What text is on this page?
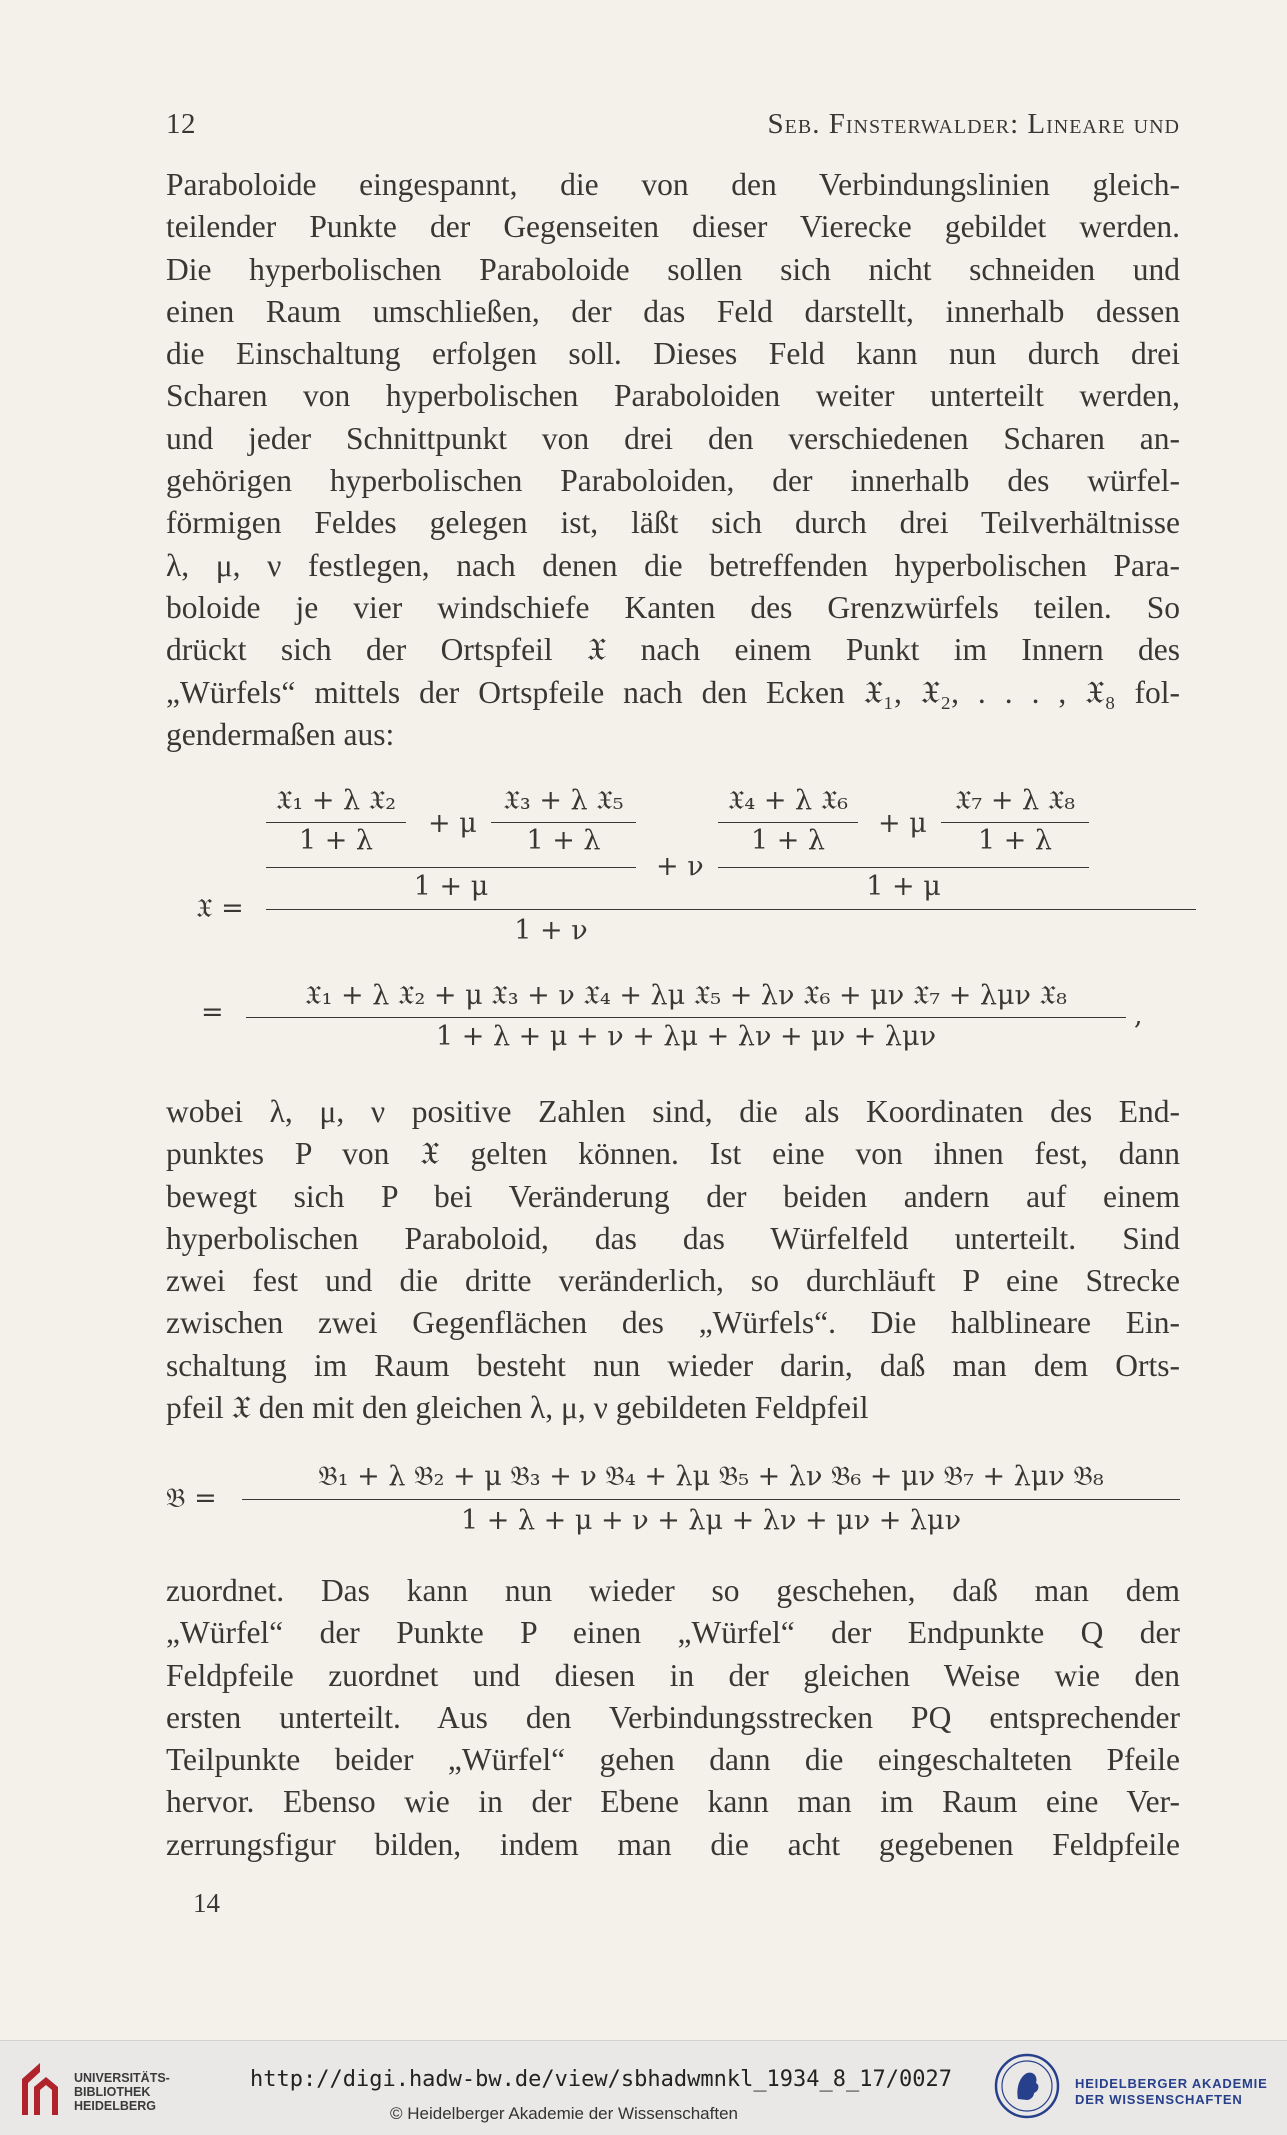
12	Seb. Finsterwalder: Lineare und

Paraboloide eingespannt, die von den Verbindungslinien gleich-

teilender Punkte der Gegenseiten dieser Vierecke gebildet werden.

Die hyperbolischen Paraboloide sollen sich nicht schneiden und

einen Raum umschließen, der das Feld darstellt, innerhalb dessen

die Einschaltung erfolgen soll. Dieses Feld kann nun durch drei

Scharen von hyperbolischen Paraboloiden weiter unterteilt werden,

und jeder Schnittpunkt von drei den verschiedenen Scharen an-

gehörigen hyperbolischen Paraboloiden, der innerhalb des würfel-

förmigen Feldes gelegen ist, läßt sich durch drei Teilverhältnisse

λ, μ, ν festlegen, nach denen die betreffenden hyperbolischen Para-

boloide je vier windschiefe Kanten des Grenzwürfels teilen. So

drückt sich der Ortspfeil 𝔛 nach einem Punkt im Innern des

„Würfels“ mittels der Ortspfeile nach den Ecken 𝔛₁, 𝔛₂, . . . , 𝔛₈ fol-

gendermaßen aus:

𝔛₁ + λ 𝔛₂
1 + λ
+ μ
𝔛₃ + λ 𝔛₅
1 + λ
1 + μ
+ ν
𝔛₄ + λ 𝔛₆
1 + λ
+ μ
𝔛₇ + λ 𝔛₈
1 + λ
1 + μ
𝔛 =
1 + ν
=
𝔛₁ + λ 𝔛₂ + μ 𝔛₃ + ν 𝔛₄ + λμ 𝔛₅ + λν 𝔛₆ + μν 𝔛₇ + λμν 𝔛₈
1 + λ + μ + ν + λμ + λν + μν + λμν
,

wobei λ, μ, ν positive Zahlen sind, die als Koordinaten des End-

punktes P von 𝔛 gelten können. Ist eine von ihnen fest, dann

bewegt sich P bei Veränderung der beiden andern auf einem

hyperbolischen Paraboloid, das das Würfelfeld unterteilt. Sind

zwei fest und die dritte veränderlich, so durchläuft P eine Strecke

zwischen zwei Gegenflächen des „Würfels“. Die halblineare Ein-

schaltung im Raum besteht nun wieder darin, daß man dem Orts-

pfeil 𝔛 den mit den gleichen λ, μ, ν gebildeten Feldpfeil

𝔅 =
𝔅₁ + λ 𝔅₂ + μ 𝔅₃ + ν 𝔅₄ + λμ 𝔅₅ + λν 𝔅₆ + μν 𝔅₇ + λμν 𝔅₈
1 + λ + μ + ν + λμ + λν + μν + λμν

zuordnet. Das kann nun wieder so geschehen, daß man dem

„Würfel“ der Punkte P einen „Würfel“ der Endpunkte Q der

Feldpfeile zuordnet und diesen in der gleichen Weise wie den

ersten unterteilt. Aus den Verbindungsstrecken PQ entsprechender

Teilpunkte beider „Würfel“ gehen dann die eingeschalteten Pfeile

hervor. Ebenso wie in der Ebene kann man im Raum eine Ver-

zerrungsfigur bilden, indem man die acht gegebenen Feldpfeile

14
UNIVERSITÄTS-
BIBLIOTHEK
HEIDELBERG
http://digi.hadw-bw.de/view/sbhadwmnkl_1934_8_17/0027
© Heidelberger Akademie der Wissenschaften
HEIDELBERGER AKADEMIE
DER WISSENSCHAFTEN
